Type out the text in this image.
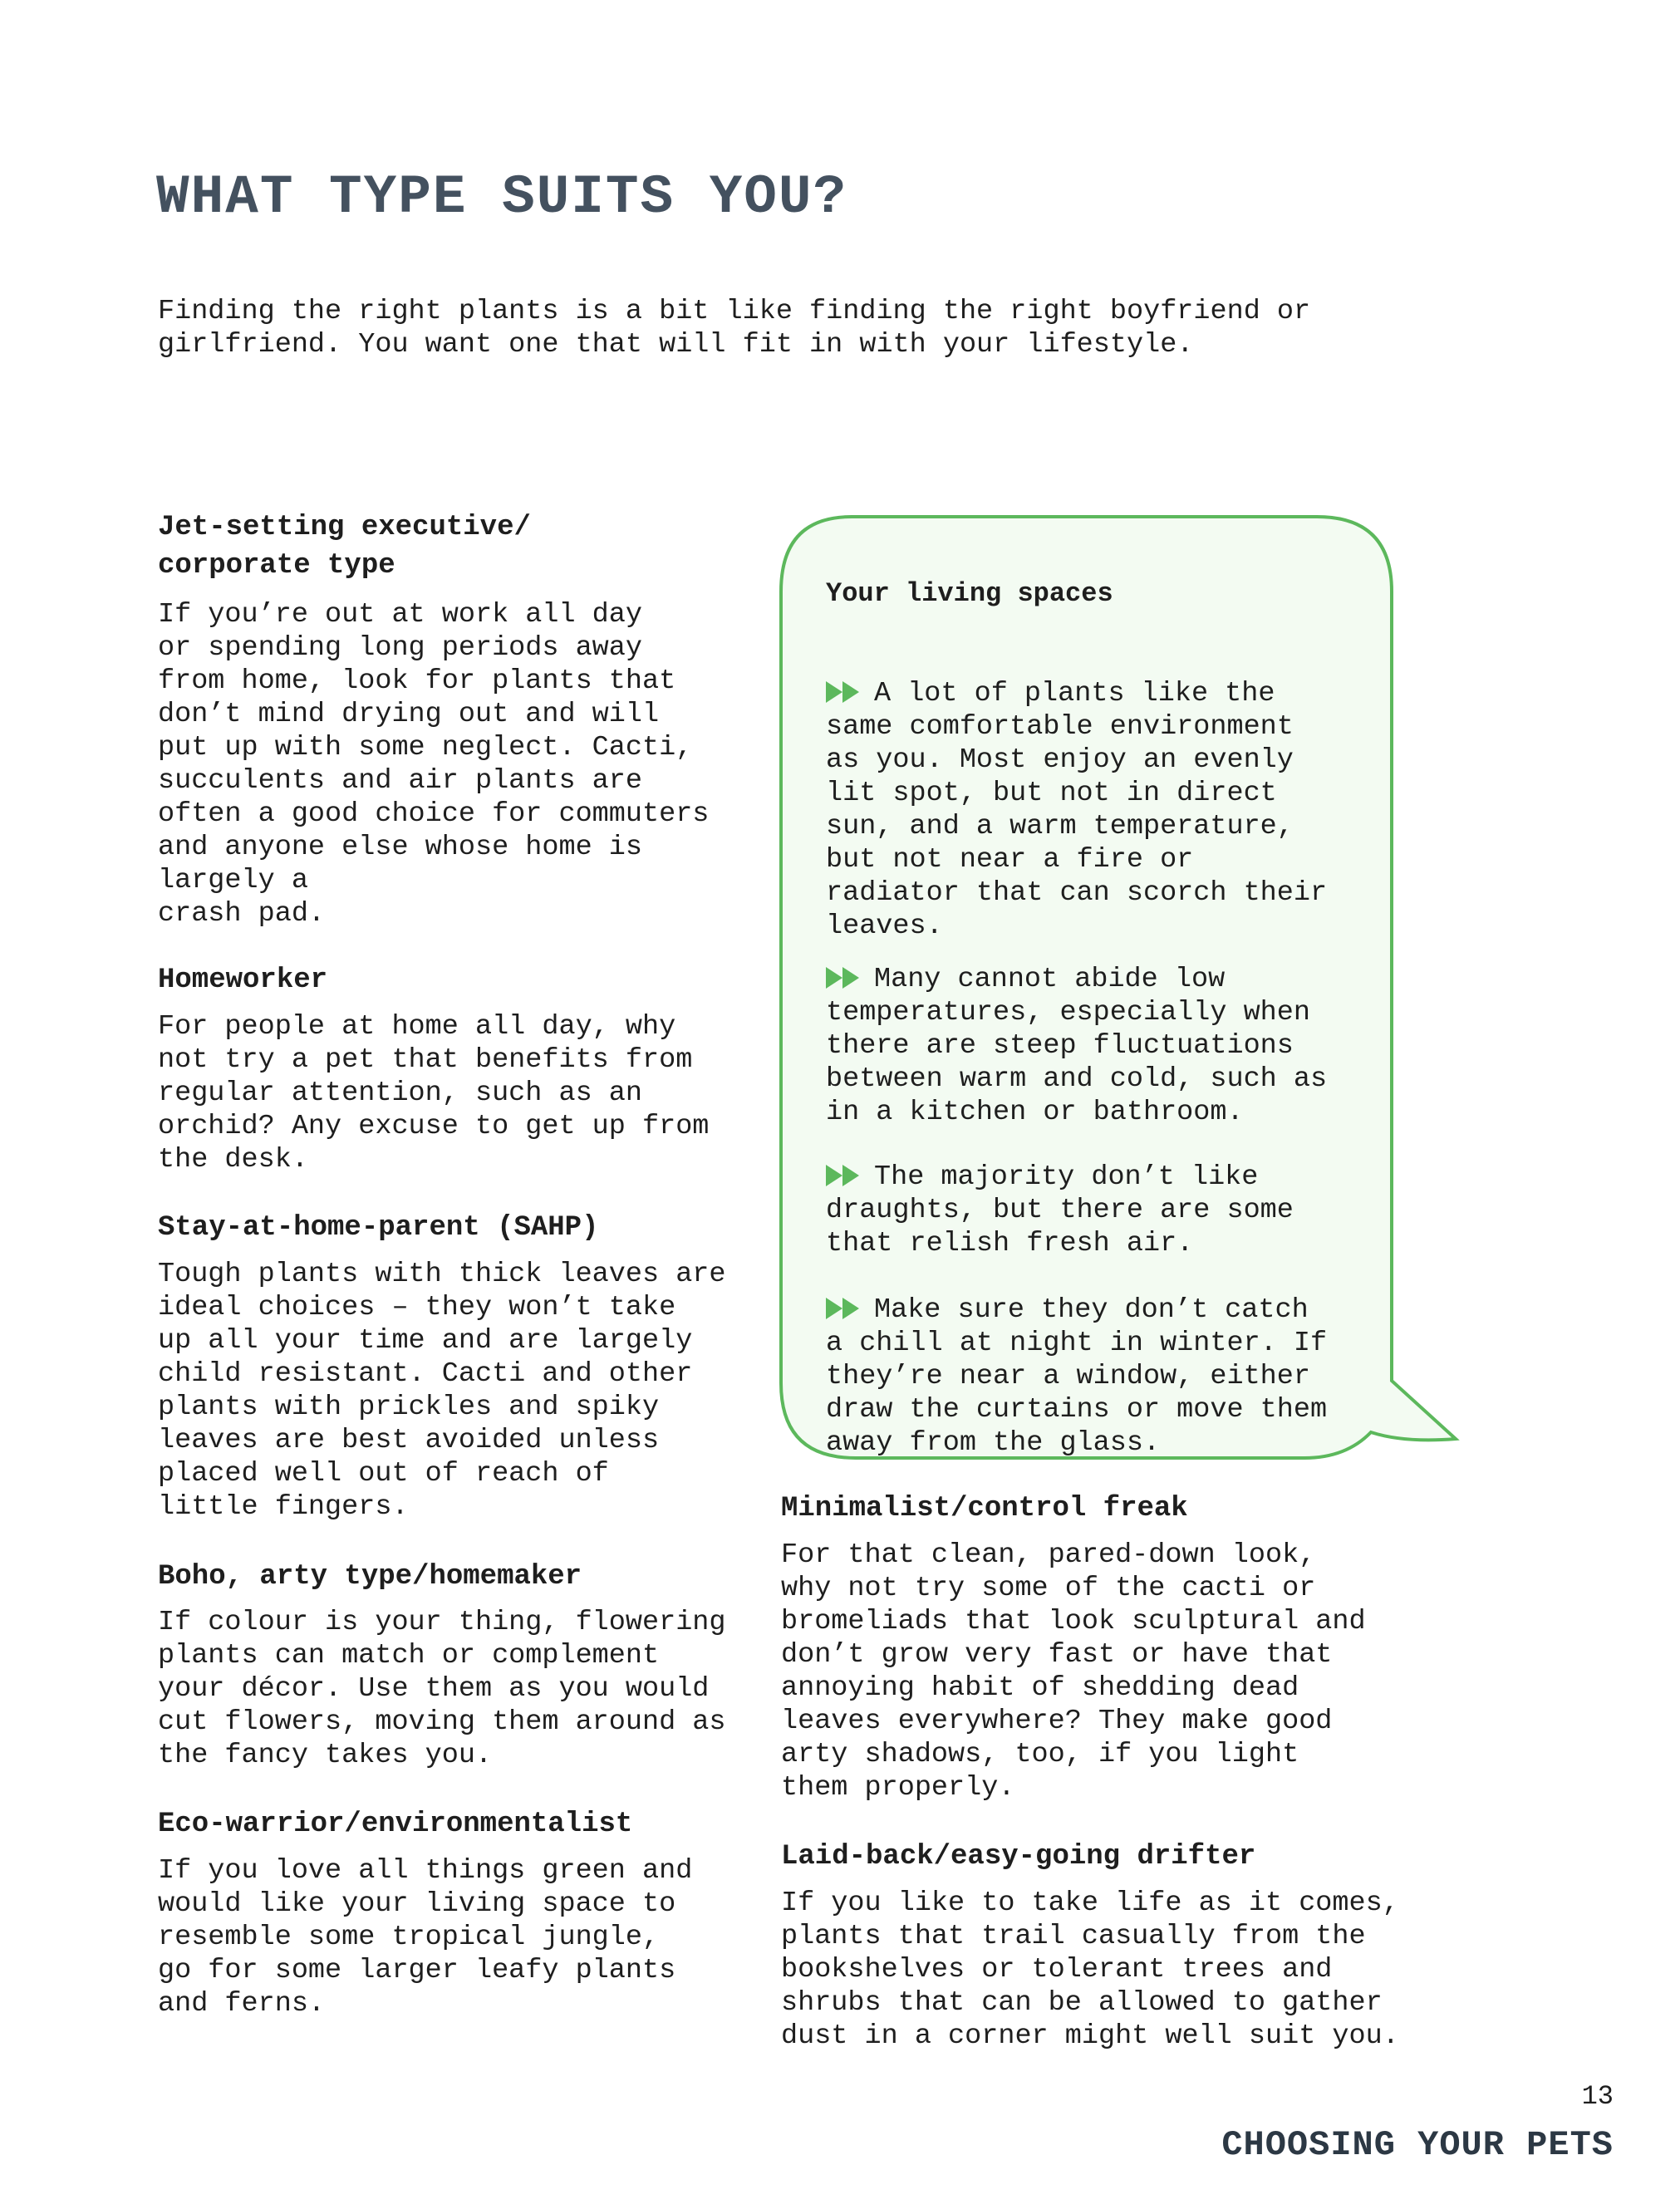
WHAT TYPE SUITS YOU?
Finding the right plants is a bit like finding the right boyfriend or
girlfriend. You want one that will fit in with your lifestyle.
Jet-setting executive/
corporate type
If you’re out at work all day
or spending long periods away
from home, look for plants that
don’t mind drying out and will
put up with some neglect. Cacti,
succulents and air plants are
often a good choice for commuters
and anyone else whose home is
largely a
crash pad.
Homeworker
For people at home all day, why
not try a pet that benefits from
regular attention, such as an
orchid? Any excuse to get up from
the desk.
Stay-at-home-parent (SAHP)
Tough plants with thick leaves are
ideal choices – they won’t take
up all your time and are largely
child resistant. Cacti and other
plants with prickles and spiky
leaves are best avoided unless
placed well out of reach of
little fingers.
Boho, arty type/homemaker
If colour is your thing, flowering
plants can match or complement
your décor. Use them as you would
cut flowers, moving them around as
the fancy takes you.
Eco-warrior/environmentalist
If you love all things green and
would like your living space to
resemble some tropical jungle,
go for some larger leafy plants
and ferns.
Your living spaces

A lot of plants like the
same comfortable environment
as you. Most enjoy an evenly
lit spot, but not in direct
sun, and a warm temperature,
but not near a fire or
radiator that can scorch their
leaves.

Many cannot abide low
temperatures, especially when
there are steep fluctuations
between warm and cold, such as
in a kitchen or bathroom.

The majority don’t like
draughts, but there are some
that relish fresh air.

Make sure they don’t catch
a chill at night in winter. If
they’re near a window, either
draw the curtains or move them
away from the glass.

Minimalist/control freak
For that clean, pared-down look,
why not try some of the cacti or
bromeliads that look sculptural and
don’t grow very fast or have that
annoying habit of shedding dead
leaves everywhere? They make good
arty shadows, too, if you light
them properly.
Laid-back/easy-going drifter
If you like to take life as it comes,
plants that trail casually from the
bookshelves or tolerant trees and
shrubs that can be allowed to gather
dust in a corner might well suit you.
13
CHOOSING YOUR PETS
